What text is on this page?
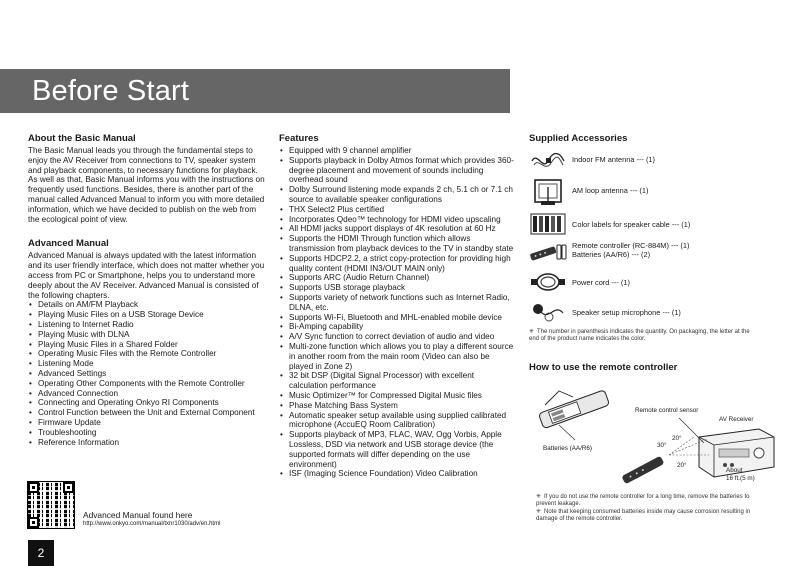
Before Start
About the Basic Manual

The Basic Manual leads you through the fundamental steps to enjoy the AV Receiver from connections to TV, speaker system and playback components, to necessary functions for playback. As well as that, Basic Manual informs you with the instructions on frequently used functions. Besides, there is another part of the manual called Advanced Manual to inform you with more detailed information, which we have decided to publish on the web from the ecological point of view.

Advanced Manual

Advanced Manual is always updated with the latest information and its user friendly interface, which does not matter whether you access from PC or Smartphone, helps you to understand more deeply about the AV Receiver. Advanced Manual is consisted of the following chapters.

• Details on AM/FM Playback
• Playing Music Files on a USB Storage Device
• Listening to Internet Radio
• Playing Music with DLNA
• Playing Music Files in a Shared Folder
• Operating Music Files with the Remote Controller
• Listening Mode
• Advanced Settings
• Operating Other Components with the Remote Controller
• Advanced Connection
• Connecting and Operating Onkyo RI Components
• Control Function between the Unit and External Component
• Firmware Update
• Troubleshooting
• Reference Information
Advanced Manual found here
http://www.onkyo.com/manual/txnr1030/adv/en.html
Features
• Equipped with 9 channel amplifier
• Supports playback in Dolby Atmos format which provides 360-degree placement and movement of sounds including overhead sound
• Dolby Surround listening mode expands 2 ch, 5.1 ch or 7.1 ch source to available speaker configurations
• THX Select2 Plus certified
• Incorporates Qdeo™ technology for HDMI video upscaling
• All HDMI jacks support displays of 4K resolution at 60 Hz
• Supports the HDMI Through function which allows transmission from playback devices to the TV in standby state
• Supports HDCP2.2, a strict copy-protection for providing high quality content (HDMI IN3/OUT MAIN only)
• Supports ARC (Audio Return Channel)
• Supports USB storage playback
• Supports variety of network functions such as Internet Radio, DLNA, etc.
• Supports Wi-Fi, Bluetooth and MHL-enabled mobile device
• Bi-Amping capability
• A/V Sync function to correct deviation of audio and video
• Multi-zone function which allows you to play a different source in another room from the main room (Video can also be played in Zone 2)
• 32 bit DSP (Digital Signal Processor) with excellent calculation performance
• Music Optimizer™ for Compressed Digital Music files
• Phase Matching Bass System
• Automatic speaker setup available using supplied calibrated microphone (AccuEQ Room Calibration)
• Supports playback of MP3, FLAC, WAV, Ogg Vorbis, Apple Lossless, DSD via network and USB storage device (the supported formats will differ depending on the use environment)
• ISF (Imaging Science Foundation) Video Calibration
Supplied Accessories
Indoor FM antenna --- (1)
AM loop antenna --- (1)
Color labels for speaker cable --- (1)
Remote controller (RC-884M) --- (1)
Batteries (AA/R6) --- (2)
Power cord --- (1)
Speaker setup microphone --- (1)
✳ The number in parenthesis indicates the quantity. On packaging, the letter at the end of the product name indicates the color.
How to use the remote controller
Remote control sensor
AV Receiver
Batteries (AA/R6)	30°
20°
20°
About
16 ft.(5 m)
✳ If you do not use the remote controller for a long time, remove the batteries to prevent leakage.
✳ Note that keeping consumed batteries inside may cause corrosion resulting in damage of the remote controller.
2
